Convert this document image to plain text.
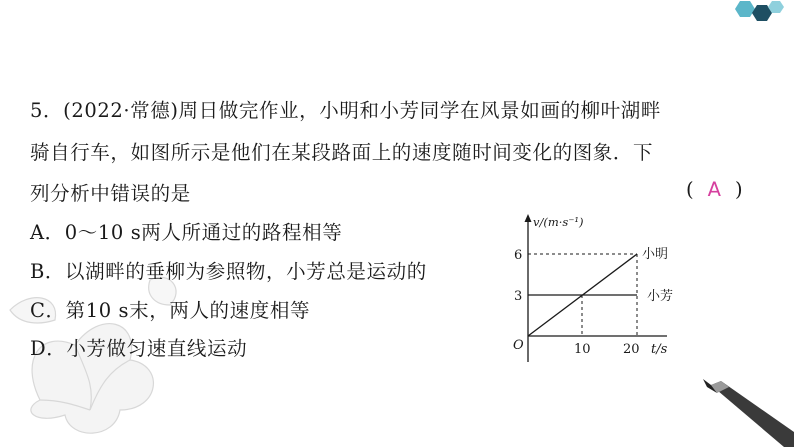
5．(2022·常德)周日做完作业，小明和小芳同学在风景如画的柳叶湖畔
骑自行车，如图所示是他们在某段路面上的速度随时间变化的图象．下
列分析中错误的是	( A )
A．0～10 s两人所通过的路程相等
B．以湖畔的垂柳为参照物，小芳总是运动的
C．第10 s末，两人的速度相等
D．小芳做匀速直线运动
v/(m·s⁻¹)
6
3
O	10 20 t/s
小明
小芳
